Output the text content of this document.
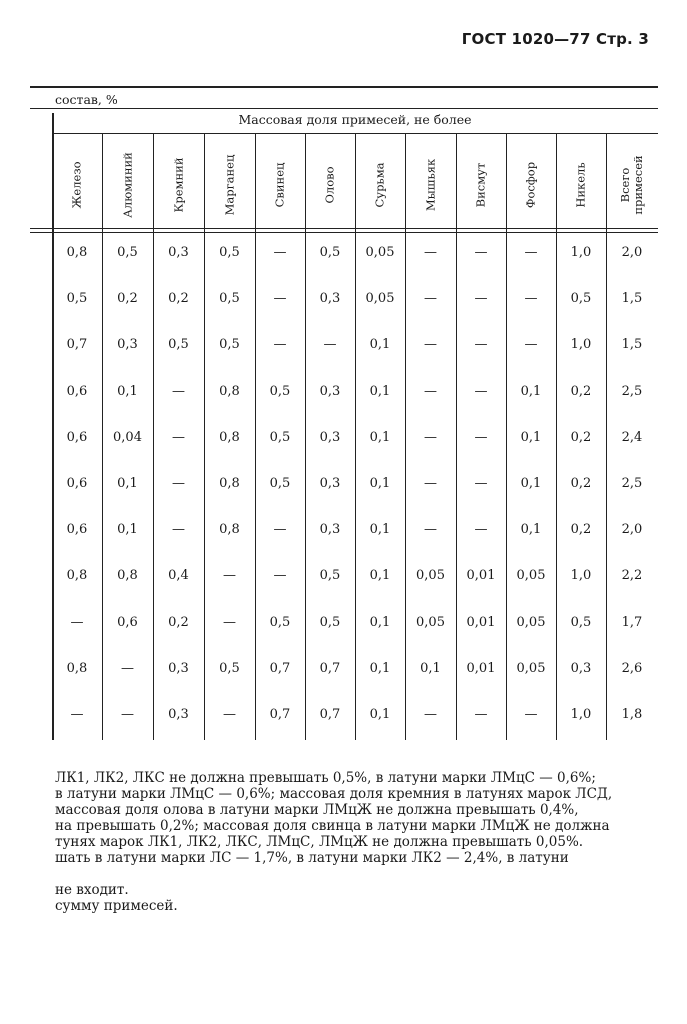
ГОСТ 1020—77 Стр. 3
состав, %
Массовая доля примесей, не более
Железо	Алюминий	Кремний	Марганец	Свинец	Олово	Сурьма	Мышьяк	Висмут	Фосфор	Никель	Всего примесей
0,8 0,5 0,3 0,5	—	0,5 0,05 —	—	—	1,0 2,0
0,5 0,2 0,2 0,5	—	0,3 0,05 —	—	—	0,5 1,5
0,7 0,3 0,5 0,5	—	—	0,1	—	—	—	1,0 1,5
0,6 0,1	—	0,8 0,5 0,3 0,1	—	—	0,1 0,2 2,5
0,6 0,04 —	0,8 0,5 0,3 0,1	—	—	0,1 0,2 2,4
0,6 0,1	—	0,8 0,5 0,3 0,1	—	—	0,1 0,2 2,5
0,6 0,1	—	0,8	—	0,3 0,1	—	—	0,1 0,2 2,0
0,8 0,8 0,4	—	—	0,5 0,1 0,05 0,01 0,05 1,0 2,2
—	0,6 0,2	—	0,5 0,5 0,1 0,05 0,01 0,05 0,5 1,7
0,8	—	0,3 0,5 0,7 0,7 0,1 0,1 0,01 0,05 0,3 2,6
—	—	0,3	—	0,7 0,7 0,1	—	—	—	1,0 1,8
ЛК1, ЛК2, ЛКС не должна превышать 0,5%, в латуни марки ЛМцС — 0,6%;
в латуни марки ЛМцС — 0,6%; массовая доля кремния в латунях марок ЛСД,
массовая доля олова в латуни марки ЛМцЖ не должна превышать 0,4%,
на превышать 0,2%; массовая доля свинца в латуни марки ЛМцЖ не должна
тунях марок ЛК1, ЛК2, ЛКС, ЛМцС, ЛМцЖ не должна превышать 0,05%.
шать в латуни марки ЛС — 1,7%, в латуни марки ЛК2 — 2,4%, в латуни
не входит.
сумму примесей.
